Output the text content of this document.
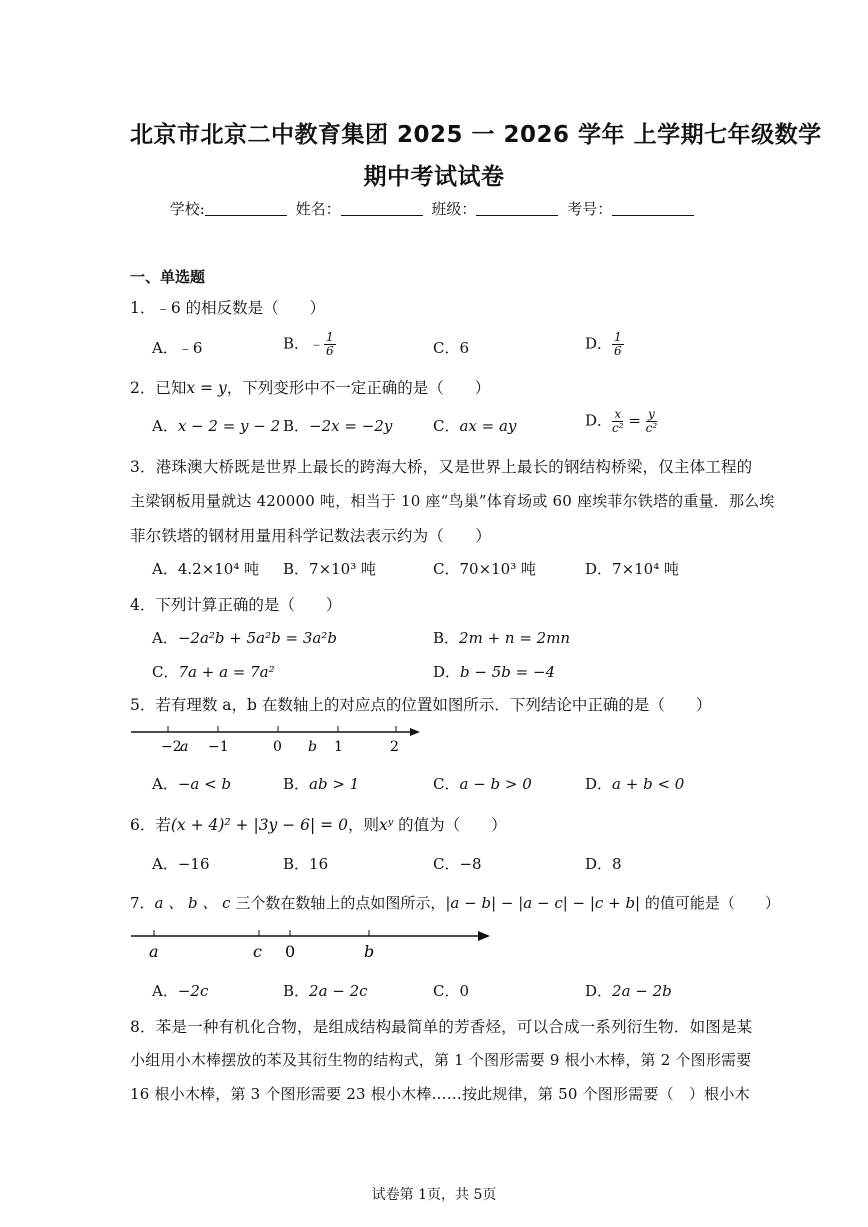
北京市北京二中教育集团 2025 一 2026 学年 上学期七年级数学
期中考试试卷
学校:	姓名：	班级：	考号：
一、单选题
1．﹣6 的相反数是（　　）
A．﹣6	B．﹣ $\frac{1}{6}$	C．6	D． $\frac{1}{6}$
2．已知x = y，下列变形中不一定正确的是（　　）
A．x − 2 = y − 2 B．−2x = −2y	C．ax = ay	D． $\frac{x}{\text{c²}} = \frac{y}{\text{c²}}$
3．港珠澳大桥既是世界上最长的跨海大桥，又是世界上最长的钢结构桥梁，仅主体工程的
主梁钢板用量就达 420000 吨，相当于 10 座“鸟巢”体育场或 60 座埃菲尔铁塔的重量．那么埃
菲尔铁塔的钢材用量用科学记数法表示约为（　　）
A．4.2×10⁴ 吨 B．7×10³ 吨	C．70×10³ 吨	D．7×10⁴ 吨
4．下列计算正确的是（　　）
A．−2a²b + 5a²b = 3a²b	B．2m + n = 2mn
C．7a + a = 7a²	D．b − 5b = −4
5．若有理数 a，b 在数轴上的对应点的位置如图所示．下列结论中正确的是（　　）
−2
a −1	0 b 1	2
A．−a < b	B．ab > 1	C．a − b > 0	D．a + b < 0
6．若(x + 4)² + |3y − 6| = 0，则xʸ 的值为（　　）
A．−16	B．16	C．−8	D．8
7．a 、 b 、 c 三个数在数轴上的点如图所示，|a − b| − |a − c| − |c + b| 的值可能是（　　）
a	c 0	b
A．−2c	B．2a − 2c	C．0	D．2a − 2b
8．苯是一种有机化合物，是组成结构最简单的芳香烃，可以合成一系列衍生物．如图是某
小组用小木棒摆放的苯及其衍生物的结构式，第 1 个图形需要 9 根小木棒，第 2 个图形需要
16 根小木棒，第 3 个图形需要 23 根小木棒……按此规律，第 50 个图形需要（　）根小木
试卷第 1页，共 5页
